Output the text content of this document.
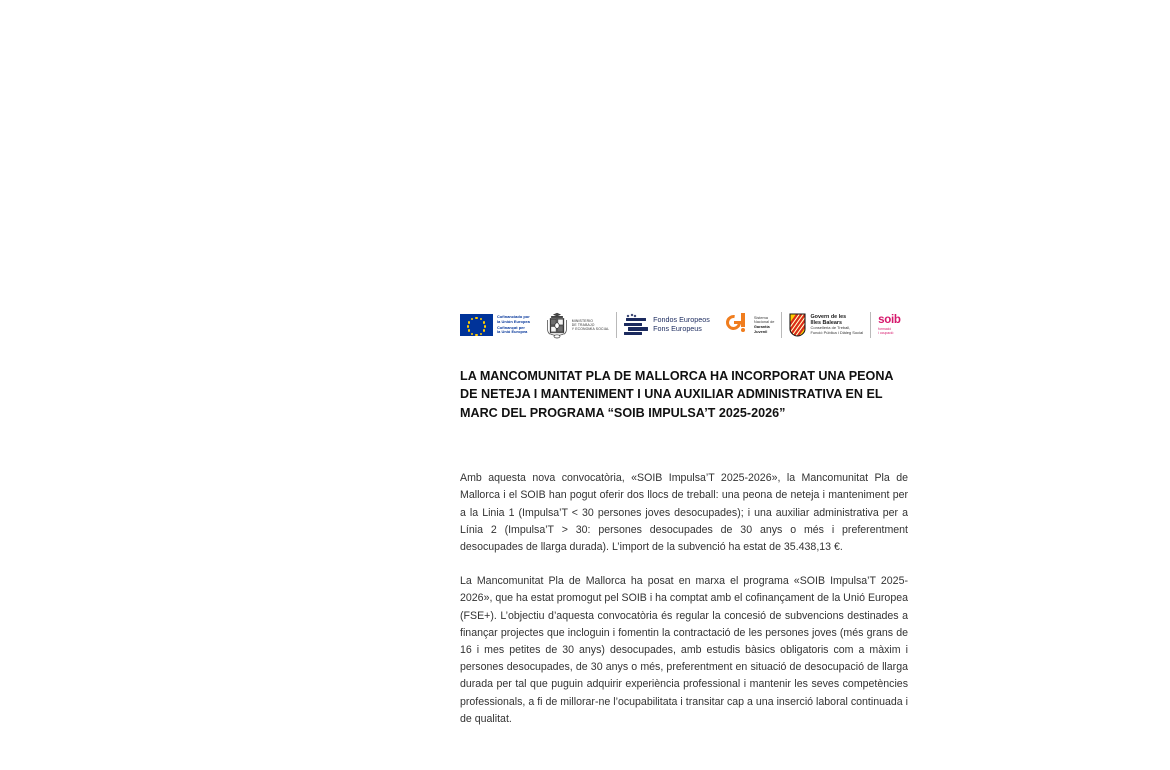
Cofinanciado por
la Unión Europea
Cofinançat per
la Unió Europea
MINISTERIO
DE TRABAJO
Y ECONOMÍA SOCIAL
Fondos Europeos
Fons Europeus
Sistema
Nacional de
Garantía
Juvenil
Govern de les
Illes Balears
Conselleria de Treball,
Funció Pública i Diàleg Social
soib
formació
i ocupació
LA MANCOMUNITAT PLA DE MALLORCA HA INCORPORAT UNA PEONA DE NETEJA I MANTENIMENT I UNA AUXILIAR ADMINISTRATIVA EN EL MARC DEL PROGRAMA “SOIB IMPULSA’T 2025-2026”

Amb aquesta nova convocatòria, «SOIB Impulsa’T 2025-2026», la Mancomunitat Pla de Mallorca i el SOIB han pogut oferir dos llocs de treball: una peona de neteja i manteniment per a la Linia 1 (Impulsa’T < 30 persones joves desocupades); i una auxiliar administrativa per a Línia 2 (Impulsa’T > 30: persones desocupades de 30 anys o més i preferentment desocupades de llarga durada). L’import de la subvenció ha estat de 35.438,13 €.

La Mancomunitat Pla de Mallorca ha posat en marxa el programa «SOIB Impulsa’T 2025-2026», que ha estat promogut pel SOIB i ha comptat amb el cofinançament de la Unió Europea (FSE+). L’objectiu d’aquesta convocatòria és regular la concesió de subvencions destinades a finançar projectes que incloguin i fomentin la contractació de les persones joves (més grans de 16 i mes petites de 30 anys) desocupades, amb estudis bàsics obligatoris com a màxim i persones desocupades, de 30 anys o més, preferentment en situació de desocupació de llarga durada per tal que puguin adquirir experiència professional i mantenir les seves competències professionals, a fi de millorar-ne l’ocupabilitata i transitar cap a una inserció laboral continuada i de qualitat.
